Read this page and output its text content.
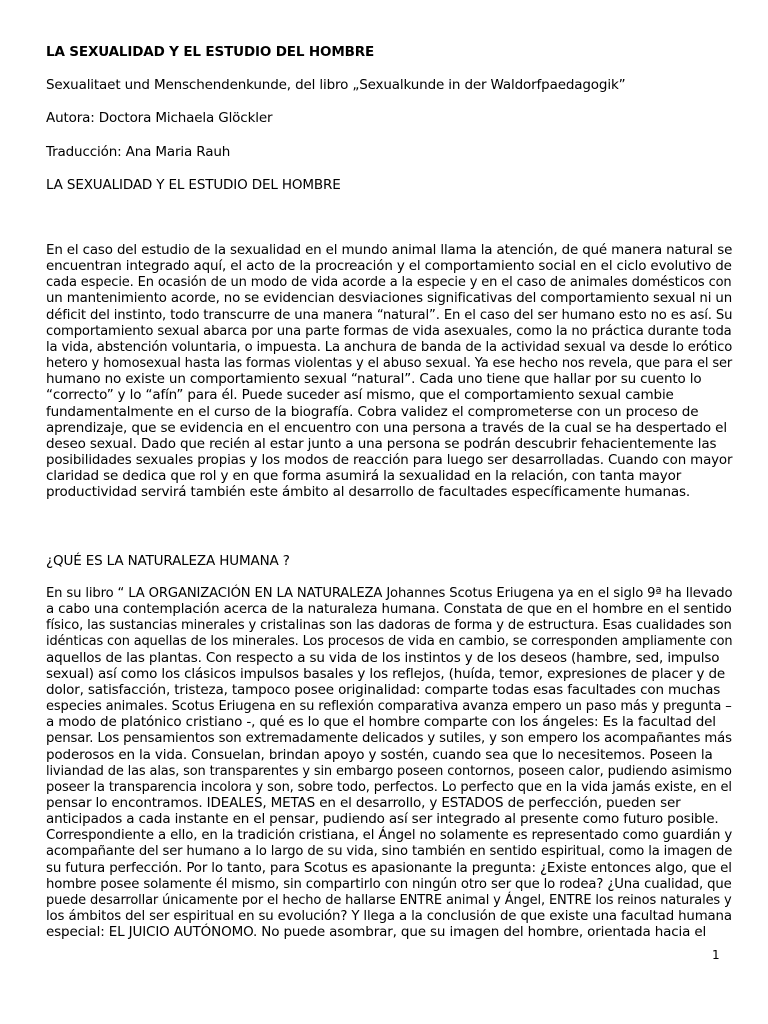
LA SEXUALIDAD Y EL ESTUDIO DEL HOMBRE
Sexualitaet und Menschendenkunde, del libro „Sexualkunde in der Waldorfpaedagogik”
Autora: Doctora Michaela Glöckler
Traducción: Ana Maria Rauh
LA SEXUALIDAD Y EL ESTUDIO DEL HOMBRE
En el caso del estudio de la sexualidad en el mundo animal llama la atención, de qué manera natural se
encuentran integrado aquí, el acto de la procreación y el comportamiento social en el ciclo evolutivo de
cada especie. En ocasión de un modo de vida acorde a la especie y en el caso de animales domésticos con
un mantenimiento acorde, no se evidencian desviaciones significativas del comportamiento sexual ni un
déficit del instinto, todo transcurre de una manera “natural”. En el caso del ser humano esto no es así. Su
comportamiento sexual abarca por una parte formas de vida asexuales, como la no práctica durante toda
la vida, abstención voluntaria, o impuesta. La anchura de banda de la actividad sexual va desde lo erótico
hetero y homosexual hasta las formas violentas y el abuso sexual. Ya ese hecho nos revela, que para el ser
humano no existe un comportamiento sexual “natural”. Cada uno tiene que hallar por su cuento lo
“correcto” y lo “afín” para él. Puede suceder así mismo, que el comportamiento sexual cambie
fundamentalmente en el curso de la biografía. Cobra validez el comprometerse con un proceso de
aprendizaje, que se evidencia en el encuentro con una persona a través de la cual se ha despertado el
deseo sexual. Dado que recién al estar junto a una persona se podrán descubrir fehacientemente las
posibilidades sexuales propias y los modos de reacción para luego ser desarrolladas. Cuando con mayor
claridad se dedica que rol y en que forma asumirá la sexualidad en la relación, con tanta mayor
productividad servirá también este ámbito al desarrollo de facultades específicamente humanas.
¿QUÉ ES LA NATURALEZA HUMANA ?
En su libro “ LA ORGANIZACIÓN EN LA NATURALEZA Johannes Scotus Eriugena ya en el siglo 9ª ha llevado
a cabo una contemplación acerca de la naturaleza humana. Constata de que en el hombre en el sentido
físico, las sustancias minerales y cristalinas son las dadoras de forma y de estructura. Esas cualidades son
idénticas con aquellas de los minerales. Los procesos de vida en cambio, se corresponden ampliamente con
aquellos de las plantas. Con respecto a su vida de los instintos y de los deseos (hambre, sed, impulso
sexual) así como los clásicos impulsos basales y los reflejos, (huída, temor, expresiones de placer y de
dolor, satisfacción, tristeza, tampoco posee originalidad: comparte todas esas facultades con muchas
especies animales. Scotus Eriugena en su reflexión comparativa avanza empero un paso más y pregunta –
a modo de platónico cristiano -, qué es lo que el hombre comparte con los ángeles: Es la facultad del
pensar. Los pensamientos son extremadamente delicados y sutiles, y son empero los acompañantes más
poderosos en la vida. Consuelan, brindan apoyo y sostén, cuando sea que lo necesitemos. Poseen la
liviandad de las alas, son transparentes y sin embargo poseen contornos, poseen calor, pudiendo asimismo
poseer la transparencia incolora y son, sobre todo, perfectos. Lo perfecto que en la vida jamás existe, en el
pensar lo encontramos. IDEALES, METAS en el desarrollo, y ESTADOS de perfección, pueden ser
anticipados a cada instante en el pensar, pudiendo así ser integrado al presente como futuro posible.
Correspondiente a ello, en la tradición cristiana, el Ángel no solamente es representado como guardián y
acompañante del ser humano a lo largo de su vida, sino también en sentido espiritual, como la imagen de
su futura perfección. Por lo tanto, para Scotus es apasionante la pregunta: ¿Existe entonces algo, que el
hombre posee solamente él mismo, sin compartirlo con ningún otro ser que lo rodea? ¿Una cualidad, que
puede desarrollar únicamente por el hecho de hallarse ENTRE animal y Ángel, ENTRE los reinos naturales y
los ámbitos del ser espiritual en su evolución? Y llega a la conclusión de que existe una facultad humana
especial: EL JUICIO AUTÓNOMO. No puede asombrar, que su imagen del hombre, orientada hacia el
1
